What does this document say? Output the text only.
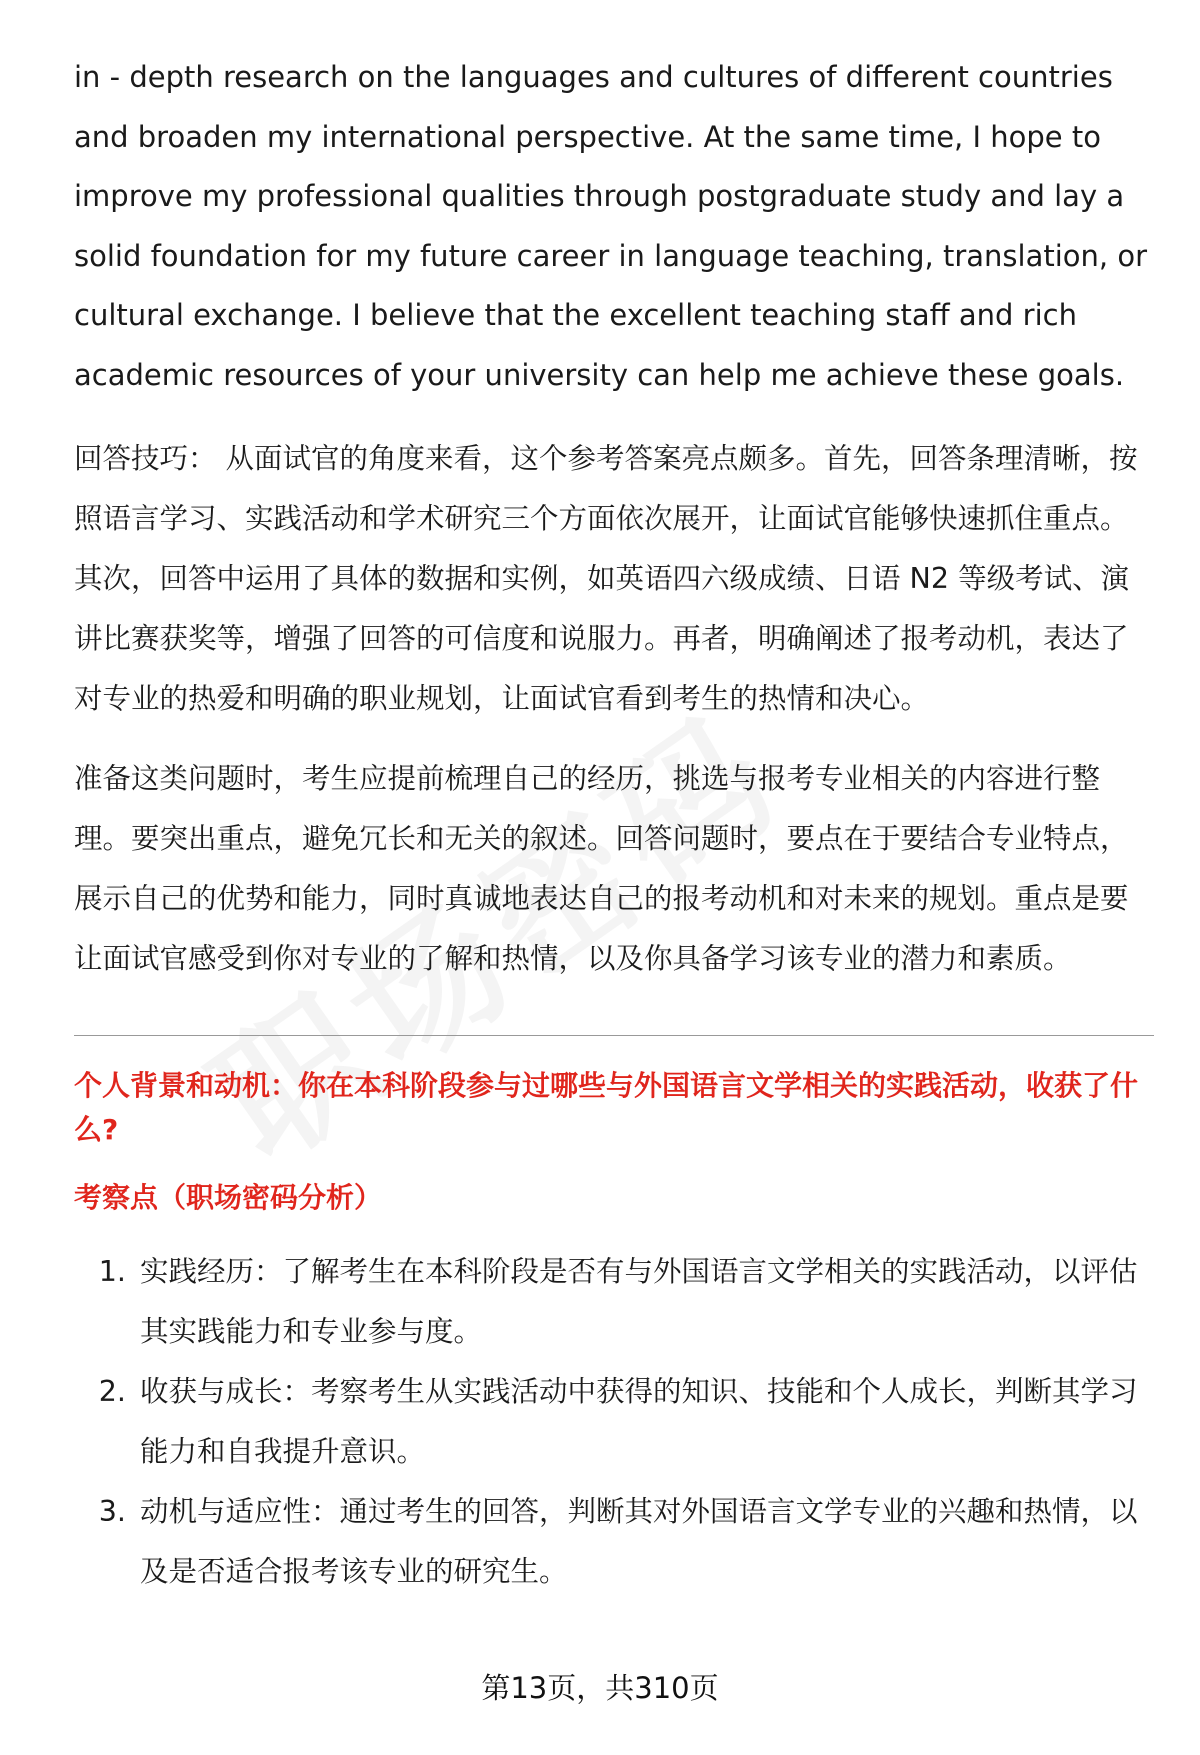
in - depth research on the languages and cultures of different countries and broaden my international perspective. At the same time, I hope to improve my professional qualities through postgraduate study and lay a solid foundation for my future career in language teaching, translation, or cultural exchange. I believe that the excellent teaching staff and rich academic resources of your university can help me achieve these goals.

回答技巧： 从面试官的角度来看，这个参考答案亮点颇多。首先，回答条理清晰，按照语言学习、实践活动和学术研究三个方面依次展开，让面试官能够快速抓住重点。其次，回答中运用了具体的数据和实例，如英语四六级成绩、日语 N2 等级考试、演讲比赛获奖等，增强了回答的可信度和说服力。再者，明确阐述了报考动机，表达了对专业的热爱和明确的职业规划，让面试官看到考生的热情和决心。

准备这类问题时，考生应提前梳理自己的经历，挑选与报考专业相关的内容进行整理。要突出重点，避免冗长和无关的叙述。回答问题时，要点在于要结合专业特点，展示自己的优势和能力，同时真诚地表达自己的报考动机和对未来的规划。重点是要让面试官感受到你对专业的了解和热情，以及你具备学习该专业的潜力和素质。

个人背景和动机：你在本科阶段参与过哪些与外国语言文学相关的实践活动，收获了什么?

考察点（职场密码分析）

1. 实践经历：了解考生在本科阶段是否有与外国语言文学相关的实践活动，以评估其实践能力和专业参与度。
2. 收获与成长：考察考生从实践活动中获得的知识、技能和个人成长，判断其学习能力和自我提升意识。
3. 动机与适应性：通过考生的回答，判断其对外国语言文学专业的兴趣和热情，以及是否适合报考该专业的研究生。
第13页，共310页
